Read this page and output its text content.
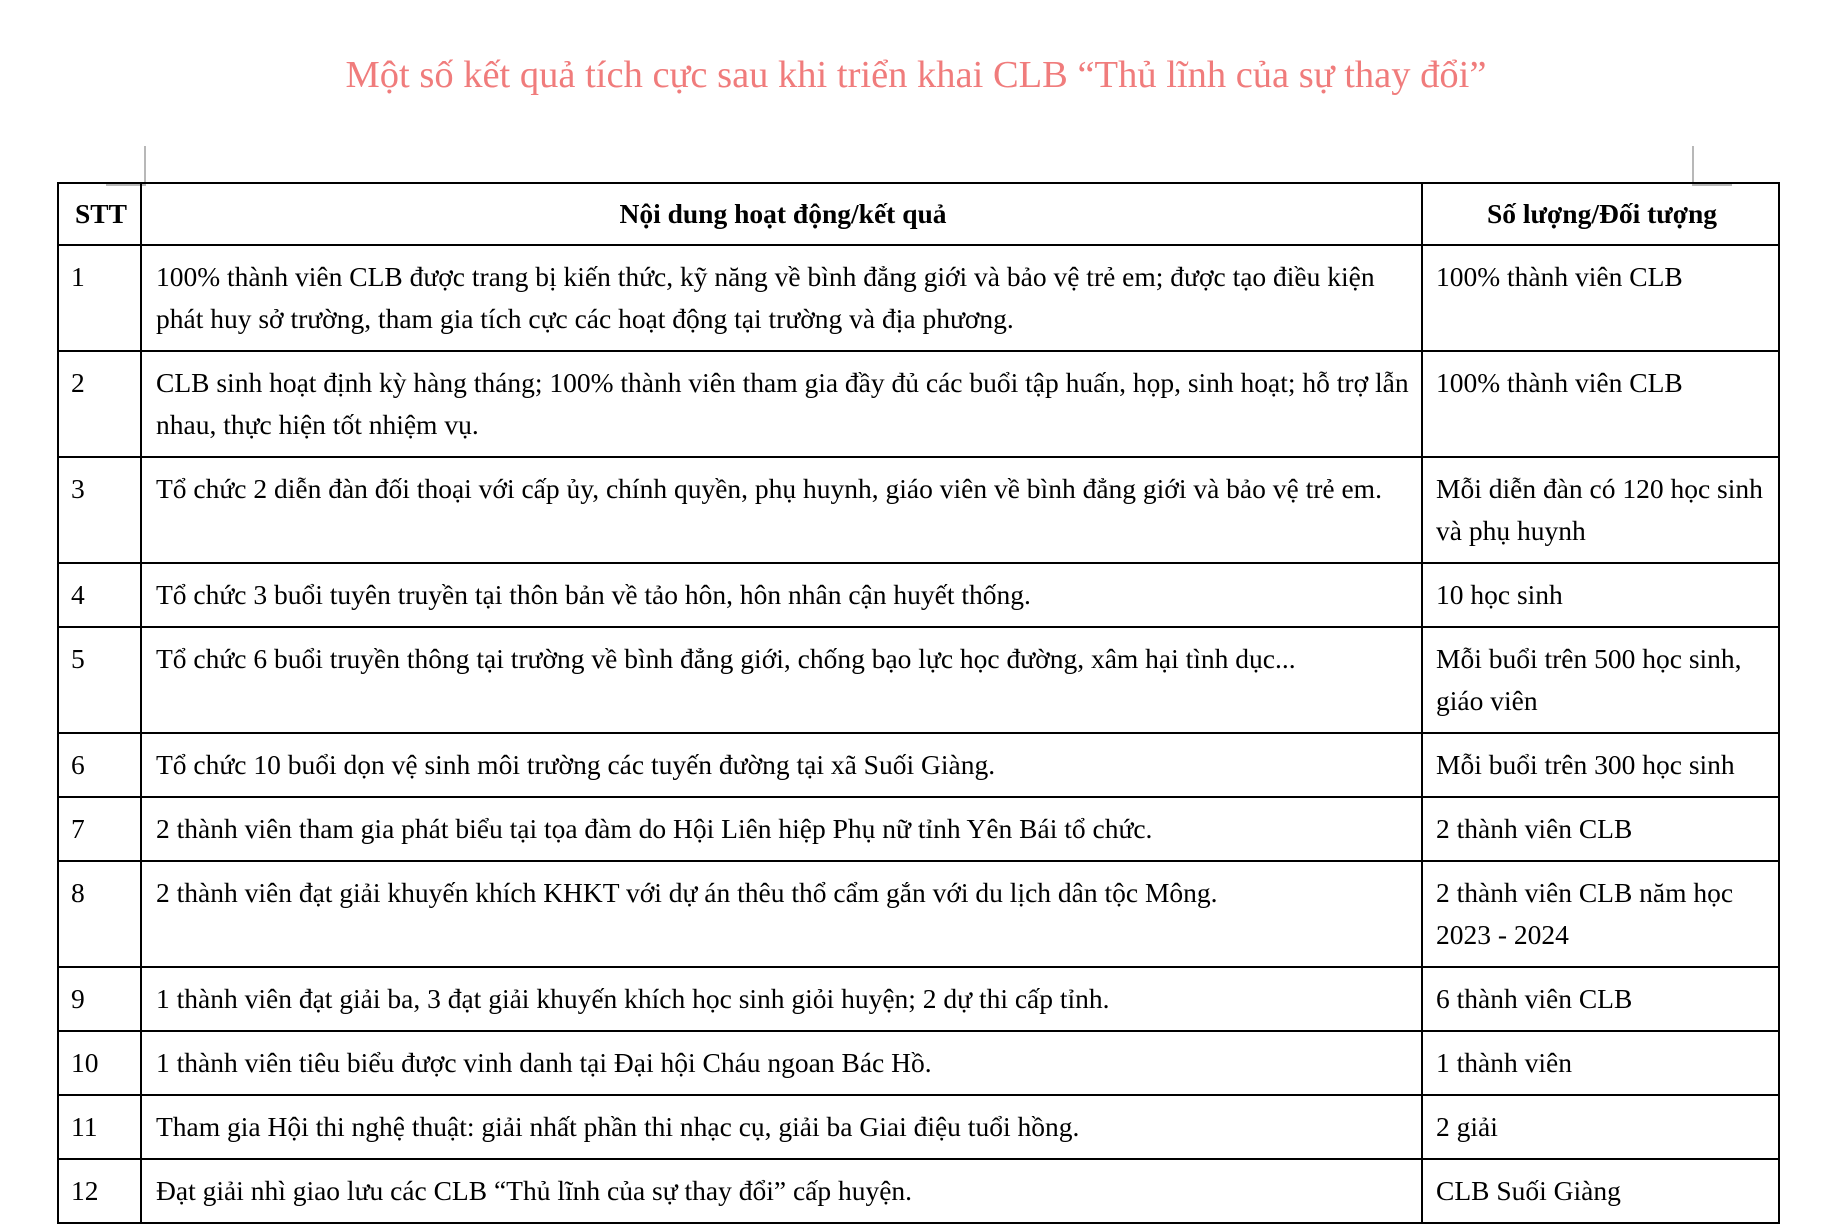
Một số kết quả tích cực sau khi triển khai CLB “Thủ lĩnh của sự thay đổi”
STT	Nội dung hoạt động/kết quả	Số lượng/Đối tượng
1	100% thành viên CLB được trang bị kiến thức, kỹ năng về bình đẳng giới và bảo vệ trẻ em; được tạo điều kiện phát huy sở trường, tham gia tích cực các hoạt động tại trường và địa phương.	100% thành viên CLB
2	CLB sinh hoạt định kỳ hàng tháng; 100% thành viên tham gia đầy đủ các buổi tập huấn, họp, sinh hoạt; hỗ trợ lẫn nhau, thực hiện tốt nhiệm vụ.	100% thành viên CLB
3	Tổ chức 2 diễn đàn đối thoại với cấp ủy, chính quyền, phụ huynh, giáo viên về bình đẳng giới và bảo vệ trẻ em.	Mỗi diễn đàn có 120 học sinh và phụ huynh
4	Tổ chức 3 buổi tuyên truyền tại thôn bản về tảo hôn, hôn nhân cận huyết thống.	10 học sinh
5	Tổ chức 6 buổi truyền thông tại trường về bình đẳng giới, chống bạo lực học đường, xâm hại tình dục...	Mỗi buổi trên 500 học sinh, giáo viên
6	Tổ chức 10 buổi dọn vệ sinh môi trường các tuyến đường tại xã Suối Giàng.	Mỗi buổi trên 300 học sinh
7	2 thành viên tham gia phát biểu tại tọa đàm do Hội Liên hiệp Phụ nữ tỉnh Yên Bái tổ chức.	2 thành viên CLB
8	2 thành viên đạt giải khuyến khích KHKT với dự án thêu thổ cẩm gắn với du lịch dân tộc Mông.	2 thành viên CLB năm học 2023 - 2024
9	1 thành viên đạt giải ba, 3 đạt giải khuyến khích học sinh giỏi huyện; 2 dự thi cấp tỉnh.	6 thành viên CLB
10	1 thành viên tiêu biểu được vinh danh tại Đại hội Cháu ngoan Bác Hồ.	1 thành viên
11	Tham gia Hội thi nghệ thuật: giải nhất phần thi nhạc cụ, giải ba Giai điệu tuổi hồng.	2 giải
12	Đạt giải nhì giao lưu các CLB “Thủ lĩnh của sự thay đổi” cấp huyện.	CLB Suối Giàng
